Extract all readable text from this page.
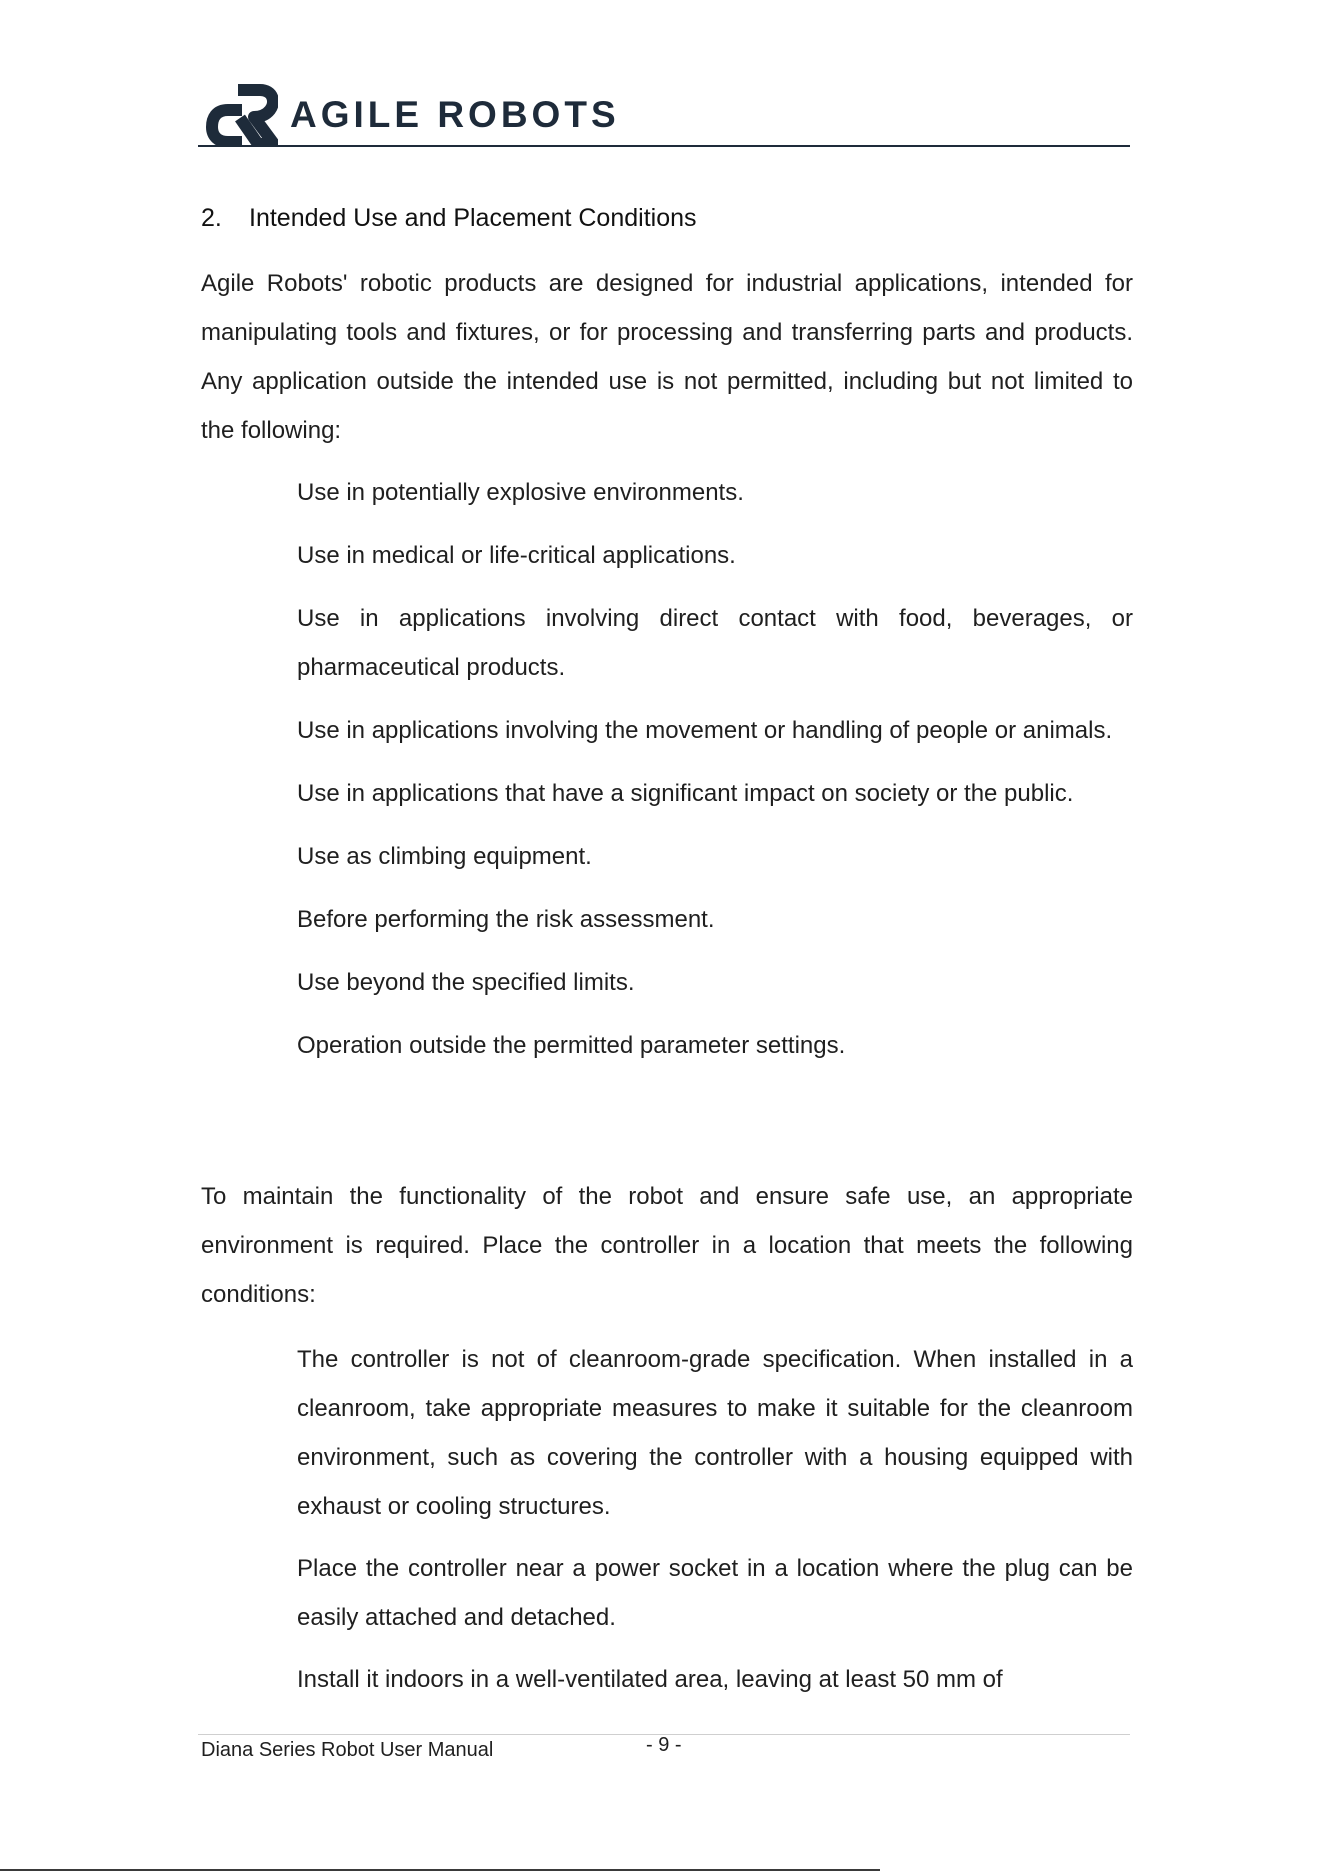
AGILE ROBOTS
2. Intended Use and Placement Conditions
Agile Robots' robotic products are designed for industrial applications, intended for manipulating tools and fixtures, or for processing and transferring parts and products. Any application outside the intended use is not permitted, including but not limited to the following:
Use in potentially explosive environments.
Use in medical or life-critical applications.
Use in applications involving direct contact with food, beverages, or pharmaceutical products.
Use in applications involving the movement or handling of people or animals.
Use in applications that have a significant impact on society or the public.
Use as climbing equipment.
Before performing the risk assessment.
Use beyond the specified limits.
Operation outside the permitted parameter settings.
To maintain the functionality of the robot and ensure safe use, an appropriate environment is required. Place the controller in a location that meets the following conditions:
The controller is not of cleanroom-grade specification. When installed in a cleanroom, take appropriate measures to make it suitable for the cleanroom environment, such as covering the controller with a housing equipped with exhaust or cooling structures.
Place the controller near a power socket in a location where the plug can be easily attached and detached.
Install it indoors in a well-ventilated area, leaving at least 50 mm of
Diana Series Robot User Manual	- 9 -
